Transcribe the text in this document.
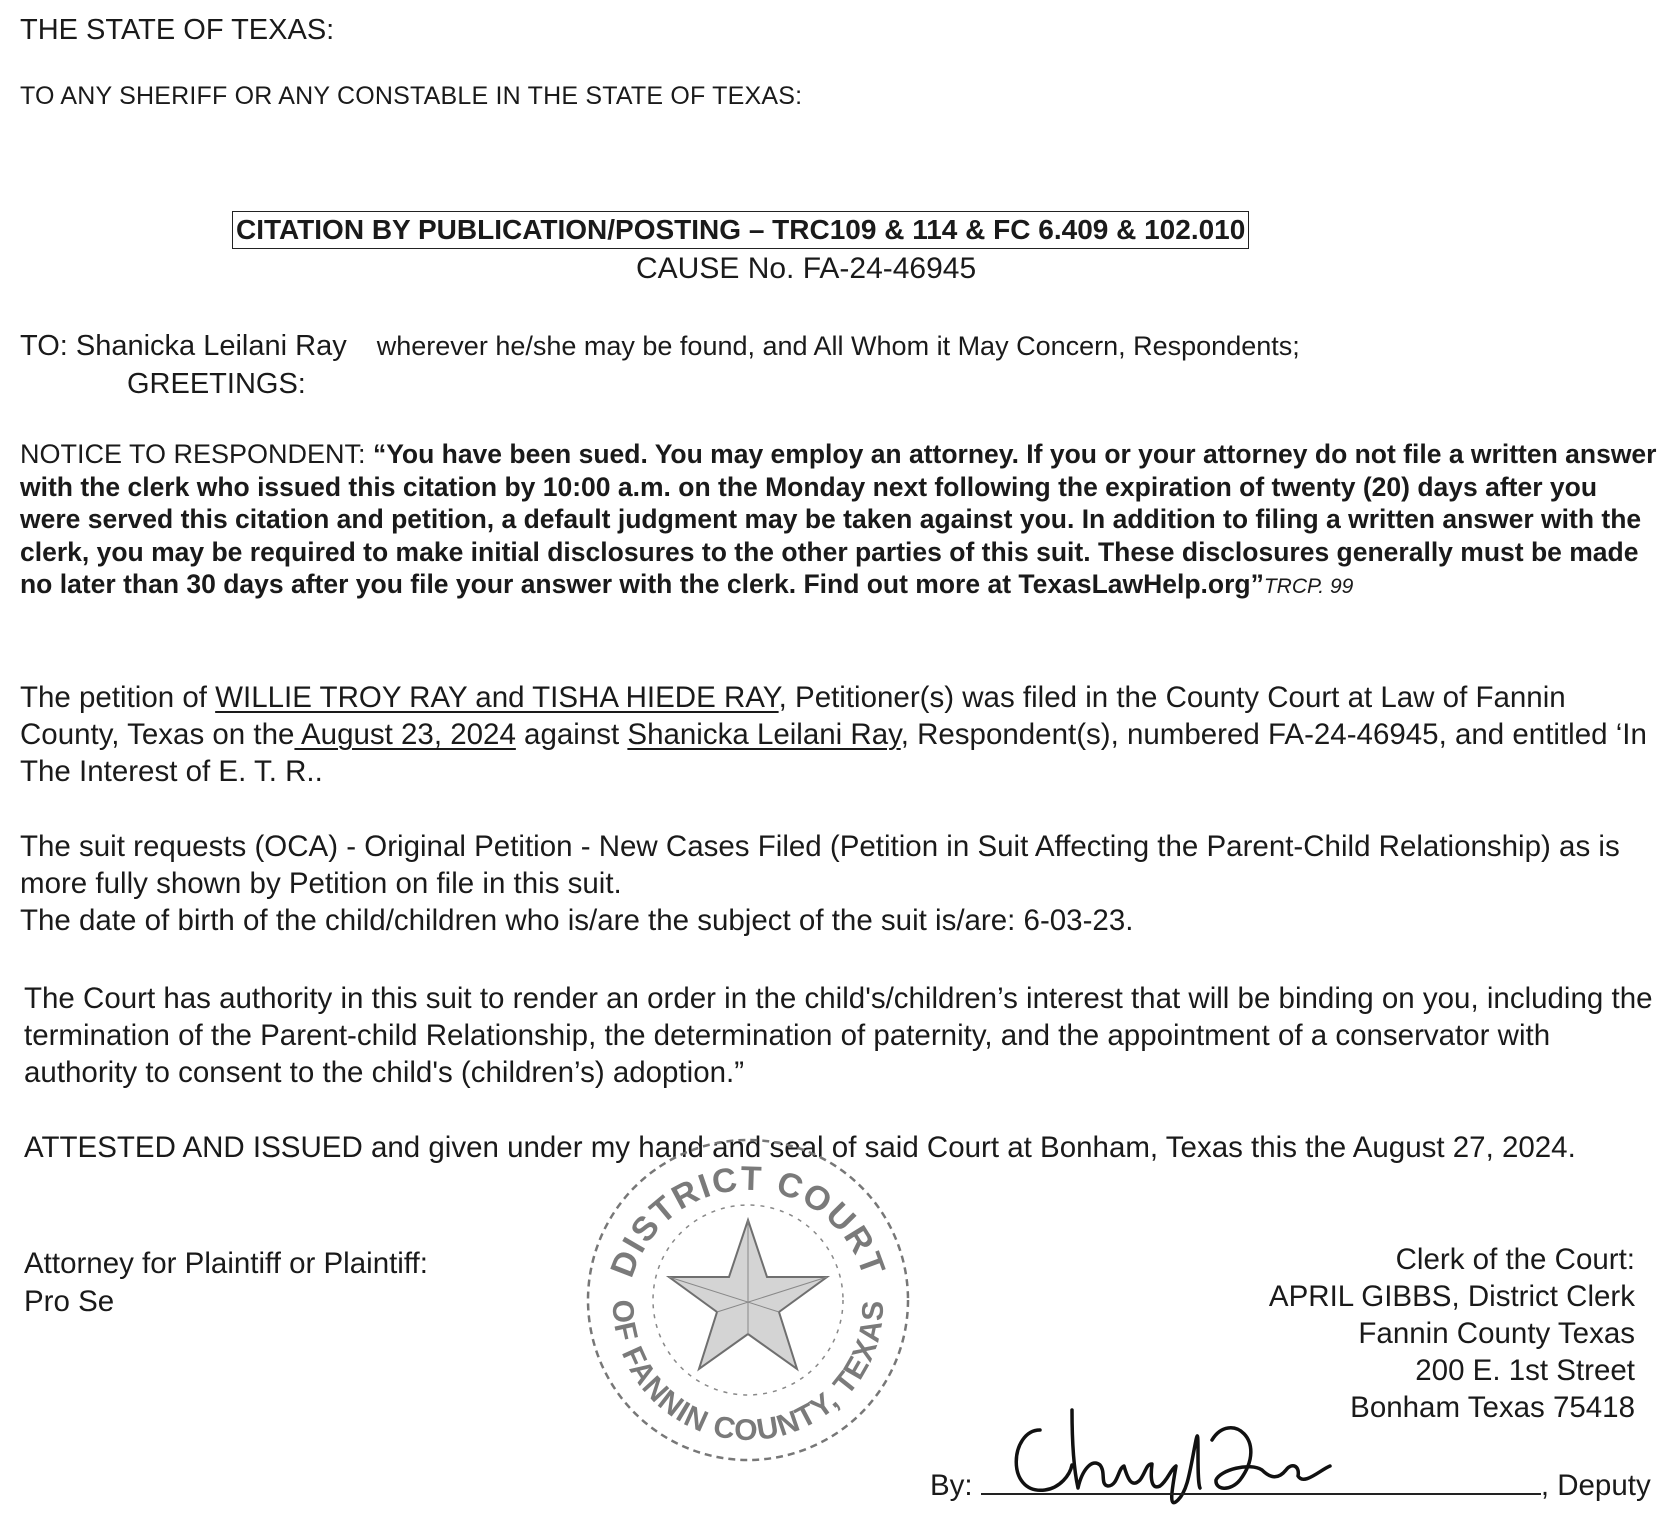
THE STATE OF TEXAS:
TO ANY SHERIFF OR ANY CONSTABLE IN THE STATE OF TEXAS:
CITATION BY PUBLICATION/POSTING – TRC109 & 114 & FC 6.409 & 102.010
CAUSE No. FA-24-46945
TO: Shanicka Leilani Ray wherever he/she may be found, and All Whom it May Concern, Respondents;
GREETINGS:
NOTICE TO RESPONDENT: “You have been sued. You may employ an attorney. If you or your attorney do not file a written answer with the clerk who issued this citation by 10:00 a.m. on the Monday next following the expiration of twenty (20) days after you were served this citation and petition, a default judgment may be taken against you. In addition to filing a written answer with the clerk, you may be required to make initial disclosures to the other parties of this suit. These disclosures generally must be made no later than 30 days after you file your answer with the clerk. Find out more at TexasLawHelp.org”TRCP. 99
The petition of WILLIE TROY RAY and TISHA HIEDE RAY, Petitioner(s) was filed in the County Court at Law of Fannin County, Texas on the August 23, 2024 against Shanicka Leilani Ray, Respondent(s), numbered FA-24-46945, and entitled ‘In The Interest of E. T. R..
The suit requests (OCA) - Original Petition - New Cases Filed (Petition in Suit Affecting the Parent-Child Relationship) as is more fully shown by Petition on file in this suit.
The date of birth of the child/children who is/are the subject of the suit is/are: 6-03-23.
The Court has authority in this suit to render an order in the child's/children’s interest that will be binding on you, including the termination of the Parent-child Relationship, the determination of paternity, and the appointment of a conservator with authority to consent to the child's (children’s) adoption.”
ATTESTED AND ISSUED and given under my hand and seal of said Court at Bonham, Texas this the August 27, 2024.
Attorney for Plaintiff or Plaintiff:
Pro Se
Clerk of the Court:
APRIL GIBBS, District Clerk
Fannin County Texas
200 E. 1st Street
Bonham Texas 75418
DISTRICT COURT
OF FANNIN COUNTY, TEXAS
By:	, Deputy
